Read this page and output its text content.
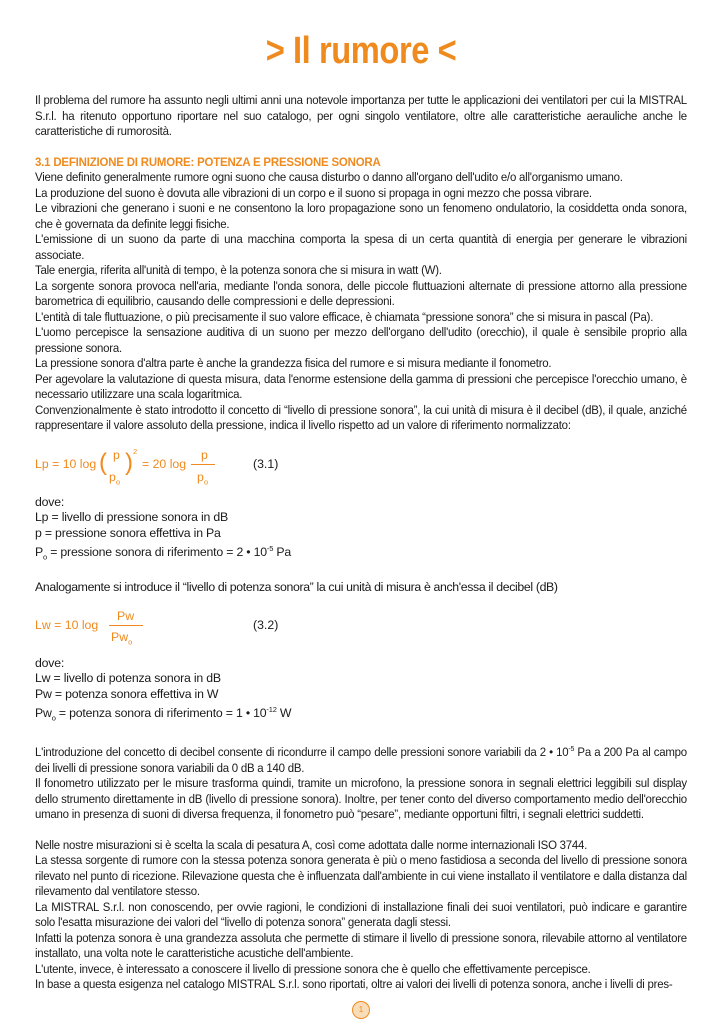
> Il rumore <

Il problema del rumore ha assunto negli ultimi anni una notevole importanza per tutte le applicazioni dei ventilatori per cui la MISTRAL S.r.l. ha ritenuto opportuno riportare nel suo catalogo, per ogni singolo ventilatore, oltre alle caratteristiche aerauliche anche le caratteristiche di rumorosità.

3.1 DEFINIZIONE DI RUMORE: POTENZA E PRESSIONE SONORA

Viene definito generalmente rumore ogni suono che causa disturbo o danno all'organo dell'udito e/o all'organismo umano.

La produzione del suono è dovuta alle vibrazioni di un corpo e il suono si propaga in ogni mezzo che possa vibrare.

Le vibrazioni che generano i suoni e ne consentono la loro propagazione sono un fenomeno ondulatorio, la cosiddetta onda sonora, che è governata da definite leggi fisiche.

L'emissione di un suono da parte di una macchina comporta la spesa di un certa quantità di energia per generare le vibrazioni associate.

Tale energia, riferita all'unità di tempo, è la potenza sonora che si misura in watt (W).

La sorgente sonora provoca nell'aria, mediante l'onda sonora, delle piccole fluttuazioni alternate di pressione attorno alla pressione barometrica di equilibrio, causando delle compressioni e delle depressioni.

L'entità di tale fluttuazione, o più precisamente il suo valore efficace, è chiamata “pressione sonora” che si misura in pascal (Pa).

L'uomo percepisce la sensazione auditiva di un suono per mezzo dell'organo dell'udito (orecchio), il quale è sensibile proprio alla pressione sonora.

La pressione sonora d'altra parte è anche la grandezza fisica del rumore e si misura mediante il fonometro.

Per agevolare la valutazione di questa misura, data l'enorme estensione della gamma di pressioni che percepisce l'orecchio umano, è necessario utilizzare una scala logaritmica.

Convenzionalmente è stato introdotto il concetto di “livello di pressione sonora”, la cui unità di misura è il decibel (dB), il quale, anziché rappresentare il valore assoluto della pressione, indica il livello rispetto ad un valore di riferimento normalizzato:

Lp = 10 log ( p
$p_o$
) 2
= 20 log
p
$p_o$
(3.1)
dove:
Lp = livello di pressione sonora in dB
p = pressione sonora effettiva in Pa
$P_o$ = pressione sonora di riferimento = 2 • $10^{-5}$ Pa

Analogamente si introduce il “livello di potenza sonora” la cui unità di misura è anch'essa il decibel (dB)

Lw = 10 log
Pw
$Pw_o$
(3.2)
dove:
Lw = livello di potenza sonora in dB
Pw = potenza sonora effettiva in W
$Pw_o$ = potenza sonora di riferimento = 1 • $10^{-12}$ W

L'introduzione del concetto di decibel consente di ricondurre il campo delle pressioni sonore variabili da 2 • $10^{-5}$ Pa a 200 Pa al campo dei livelli di pressione sonora variabili da 0 dB a 140 dB.

Il fonometro utilizzato per le misure trasforma quindi, tramite un microfono, la pressione sonora in segnali elettrici leggibili sul display dello strumento direttamente in dB (livello di pressione sonora). Inoltre, per tener conto del diverso comportamento medio dell'orecchio umano in presenza di suoni di diversa frequenza, il fonometro può “pesare”, mediante opportuni filtri, i segnali elettrici suddetti.

Nelle nostre misurazioni si è scelta la scala di pesatura A, così come adottata dalle norme internazionali ISO 3744.

La stessa sorgente di rumore con la stessa potenza sonora generata è più o meno fastidiosa a seconda del livello di pressione sonora rilevato nel punto di ricezione. Rilevazione questa che è influenzata dall'ambiente in cui viene installato il ventilatore e dalla distanza dal rilevamento dal ventilatore stesso.

La MISTRAL S.r.l. non conoscendo, per ovvie ragioni, le condizioni di installazione finali dei suoi ventilatori, può indicare e garantire solo l'esatta misurazione dei valori del “livello di potenza sonora” generata dagli stessi.

Infatti la potenza sonora è una grandezza assoluta che permette di stimare il livello di pressione sonora, rilevabile attorno al ventilatore installato, una volta note le caratteristiche acustiche dell'ambiente.

L'utente, invece, è interessato a conoscere il livello di pressione sonora che è quello che effettivamente percepisce.

In base a questa esigenza nel catalogo MISTRAL S.r.l. sono riportati, oltre ai valori dei livelli di potenza sonora, anche i livelli di pres-

1
